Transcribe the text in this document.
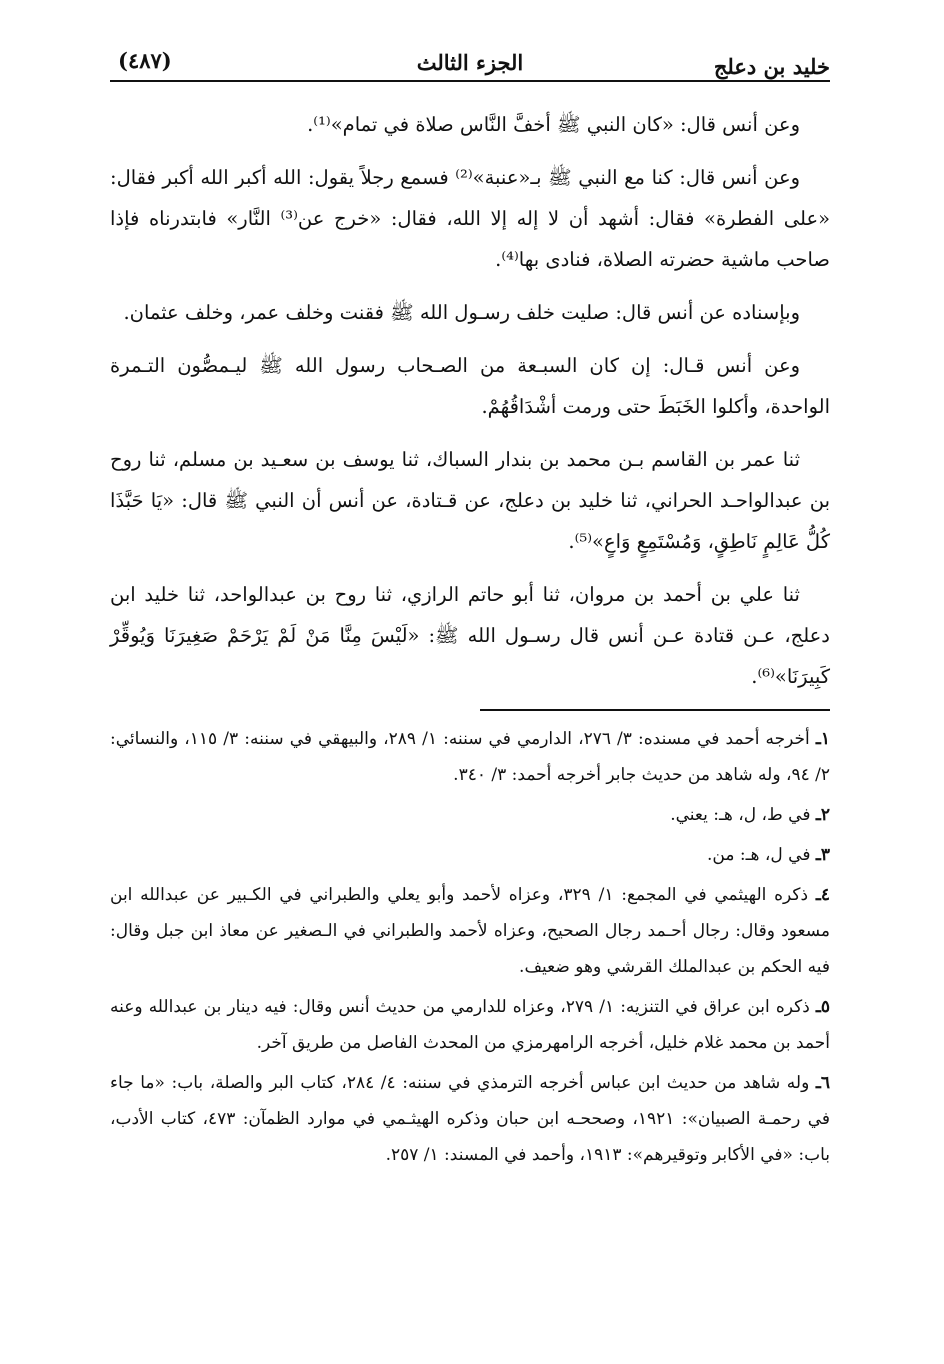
خليد بن دعلج
الجزء الثالث
(٤٨٧)

وعن أنس قال: «كان النبي ﷺ أخفَّ النَّاس صلاة في تمام»⁽¹⁾.

وعن أنس قال: كنا مع النبي ﷺ بـ«عنبة»⁽²⁾ فسمع رجلاً يقول: الله أكبر الله أكبر فقال: «على الفطرة» فقال: أشهد أن لا إله إلا الله، فقال: «خرج عن⁽³⁾ النَّار» فابتدرناه فإذا صاحب ماشية حضرته الصلاة، فنادى بها⁽⁴⁾.

وبإسناده عن أنس قال: صليت خلف رسـول الله ﷺ فقنت وخلف عمر، وخلف عثمان.

وعن أنس قـال: إن كان السبـعة من الصـحاب رسول الله ﷺ ليـمصُّون التـمرة الواحدة، وأكلوا الخَبَطَ حتى ورمت أشْدَاقُهُمْ.

ثنا عمر بن القاسم بـن محمد بن بندار السباك، ثنا يوسف بن سعـيد بن مسلم، ثنا روح بن عبدالواحـد الحراني، ثنا خليد بن دعلج، عن قـتادة، عن أنس أن النبي ﷺ قال: «يَا حَبَّذَا كُلُّ عَالِمٍ نَاطِقٍ، وَمُسْتَمِعٍ وَاعٍ»⁽⁵⁾.

ثنا علي بن أحمد بن مروان، ثنا أبو حاتم الرازي، ثنا روح بن عبدالواحد، ثنا خليد ابن دعلج، عـن قتادة عـن أنس قال رسـول الله ﷺ: «لَيْسَ مِنَّا مَنْ لَمْ يَرْحَمْ صَغِيرَنَا وَيُوقِّرْ كَبِيرَنَا»⁽⁶⁾.

١ـ أخرجه أحمد في مسنده: ٣/ ٢٧٦، الدارمي في سننه: ١/ ٢٨٩، والبيهقي في سننه: ٣/ ١١٥، والنسائي: ٢/ ٩٤، وله شاهد من حديث جابر أخرجه أحمد: ٣/ ٣٤٠.

٢ـ في ط، ل، هـ: يعني.

٣ـ في ل، هـ: من.

٤ـ ذكره الهيثمي في المجمع: ١/ ٣٢٩، وعزاه لأحمد وأبو يعلي والطبراني في الكـبير عن عبدالله ابن مسعود وقال: رجال أحـمد رجال الصحيح، وعزاه لأحمد والطبراني في الـصغير عن معاذ ابن جبل وقال: فيه الحكم بن عبدالملك القرشي وهو ضعيف.

٥ـ ذكره ابن عراق في التنزيه: ١/ ٢٧٩، وعزاه للدارمي من حديث أنس وقال: فيه دينار بن عبدالله وعنه أحمد بن محمد غلام خليل، أخرجه الرامهرمزي من المحدث الفاصل من طريق آخر.

٦ـ وله شاهد من حديث ابن عباس أخرجه الترمذي في سننه: ٤/ ٢٨٤، كتاب البر والصلة، باب: «ما جاء في رحمـة الصبيان»: ١٩٢١، وصححـه ابن حبان وذكره الهيثـمي في موارد الظمآن: ٤٧٣، كتاب الأدب، باب: «في الأكابر وتوقيرهم»: ١٩١٣، وأحمد في المسند: ١/ ٢٥٧.
